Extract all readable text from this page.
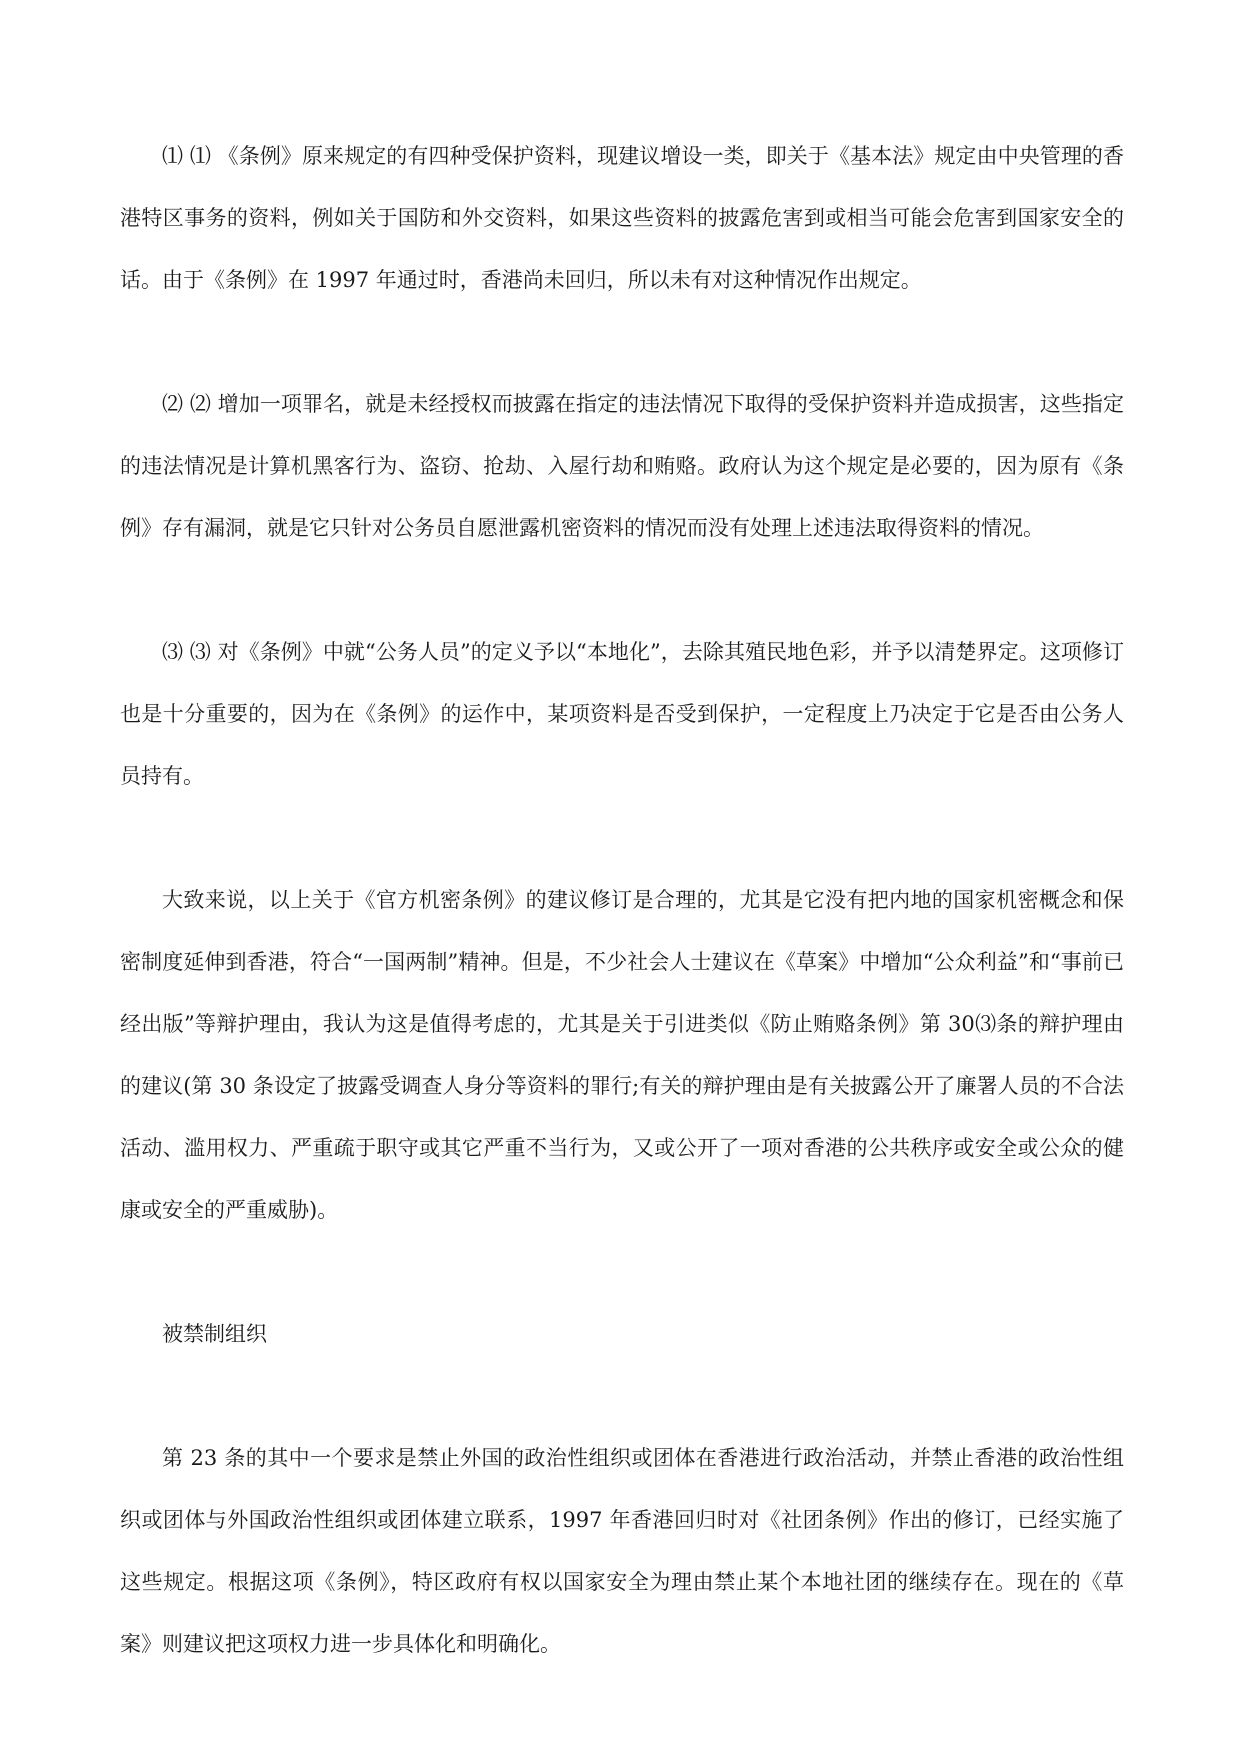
⑴ ⑴ 《条例》原来规定的有四种受保护资料，现建议增设一类，即关于《基本法》规定由中央管理的香港特区事务的资料，例如关于国防和外交资料，如果这些资料的披露危害到或相当可能会危害到国家安全的话。由于《条例》在 1997 年通过时，香港尚未回归，所以未有对这种情况作出规定。

⑵ ⑵ 增加一项罪名，就是未经授权而披露在指定的违法情况下取得的受保护资料并造成损害，这些指定的违法情况是计算机黑客行为、盗窃、抢劫、入屋行劫和贿赂。政府认为这个规定是必要的，因为原有《条例》存有漏洞，就是它只针对公务员自愿泄露机密资料的情况而没有处理上述违法取得资料的情况。

⑶ ⑶ 对《条例》中就“公务人员”的定义予以“本地化”，去除其殖民地色彩，并予以清楚界定。这项修订也是十分重要的，因为在《条例》的运作中，某项资料是否受到保护，一定程度上乃决定于它是否由公务人员持有。

大致来说，以上关于《官方机密条例》的建议修订是合理的，尤其是它没有把内地的国家机密概念和保密制度延伸到香港，符合“一国两制”精神。但是，不少社会人士建议在《草案》中增加“公众利益”和“事前已经出版”等辩护理由，我认为这是值得考虑的，尤其是关于引进类似《防止贿赂条例》第 30⑶条的辩护理由的建议(第 30 条设定了披露受调查人身分等资料的罪行;有关的辩护理由是有关披露公开了廉署人员的不合法活动、滥用权力、严重疏于职守或其它严重不当行为，又或公开了一项对香港的公共秩序或安全或公众的健康或安全的严重威胁)。

被禁制组织

第 23 条的其中一个要求是禁止外国的政治性组织或团体在香港进行政治活动，并禁止香港的政治性组织或团体与外国政治性组织或团体建立联系，1997 年香港回归时对《社团条例》作出的修订，已经实施了这些规定。根据这项《条例》，特区政府有权以国家安全为理由禁止某个本地社团的继续存在。现在的《草案》则建议把这项权力进一步具体化和明确化。
